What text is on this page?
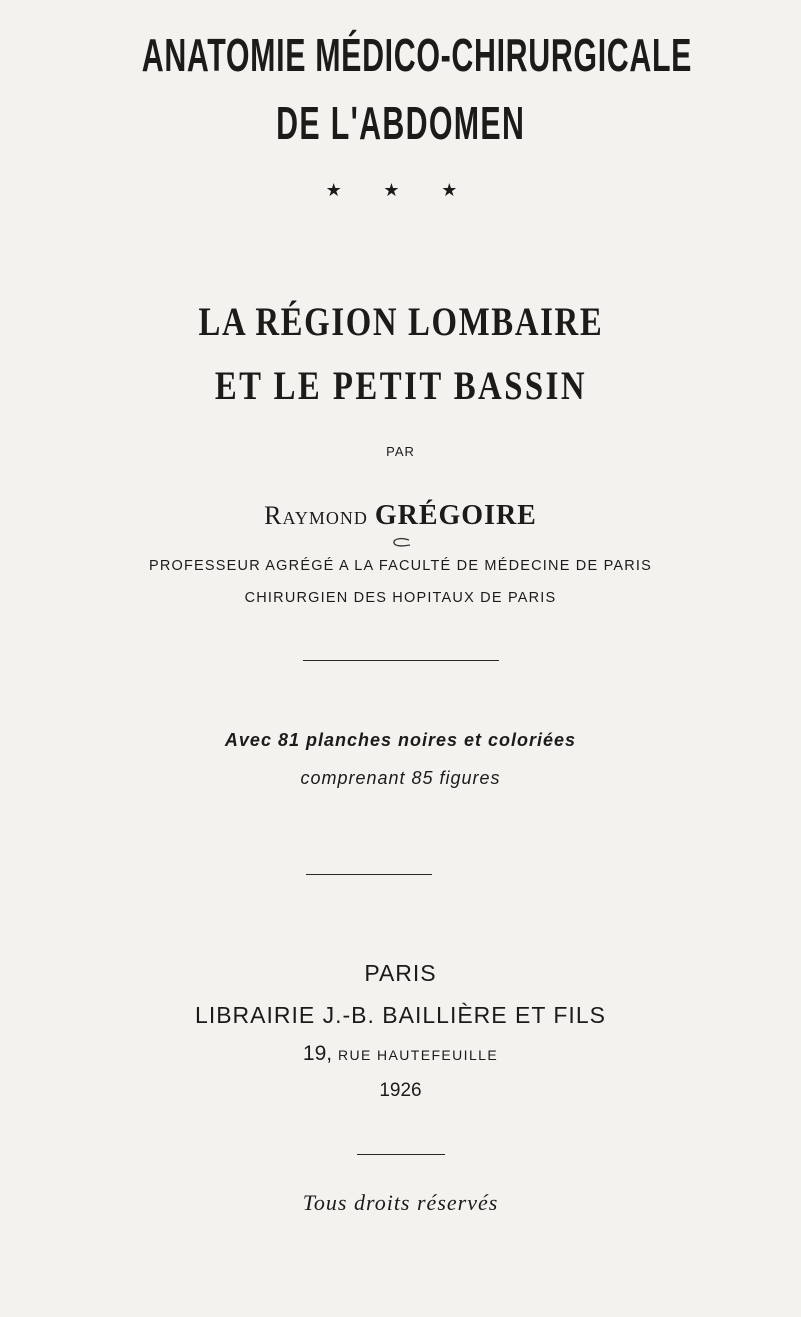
ANATOMIE MÉDICO-CHIRURGICALE
DE L'ABDOMEN
★ ★ ★
LA RÉGION LOMBAIRE
ET LE PETIT BASSIN
PAR
Raymond GRÉGOIRE
PROFESSEUR AGRÉGÉ A LA FACULTÉ DE MÉDECINE DE PARIS
CHIRURGIEN DES HOPITAUX DE PARIS
Avec 81 planches noires et coloriées
comprenant 85 figures
PARIS
LIBRAIRIE J.-B. BAILLIÈRE ET FILS
19, RUE HAUTEFEUILLE
1926
Tous droits réservés
